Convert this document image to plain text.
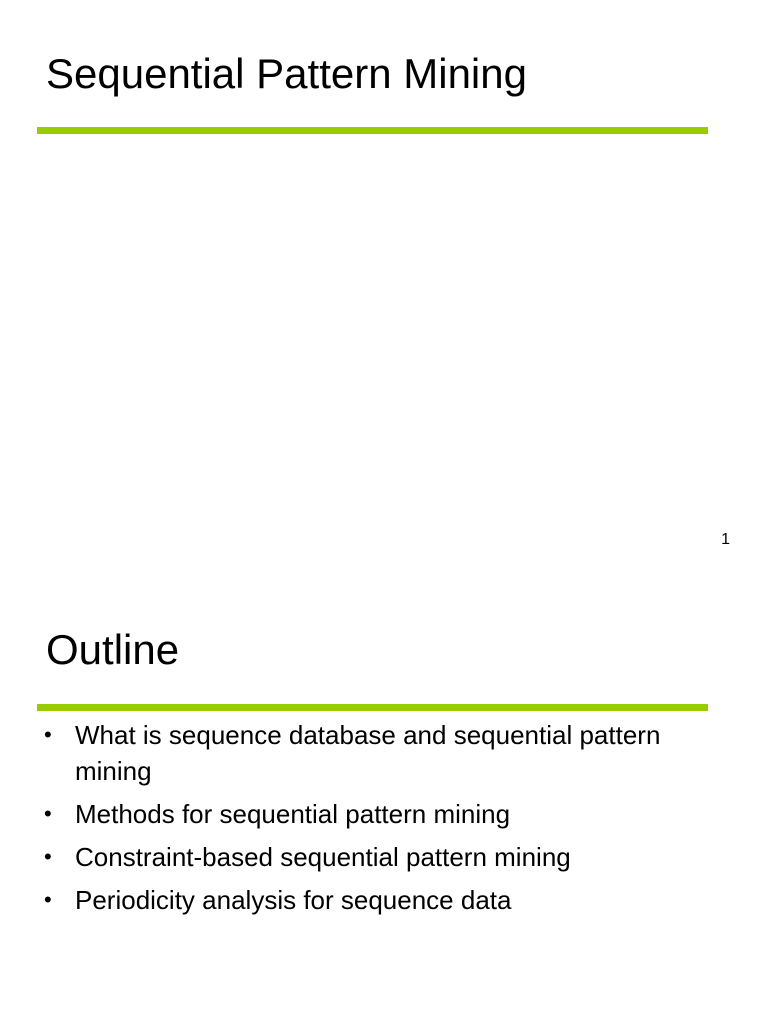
Sequential Pattern Mining
1
Outline
• What is sequence database and sequential pattern mining
• Methods for sequential pattern mining
• Constraint-based sequential pattern mining
• Periodicity analysis for sequence data
